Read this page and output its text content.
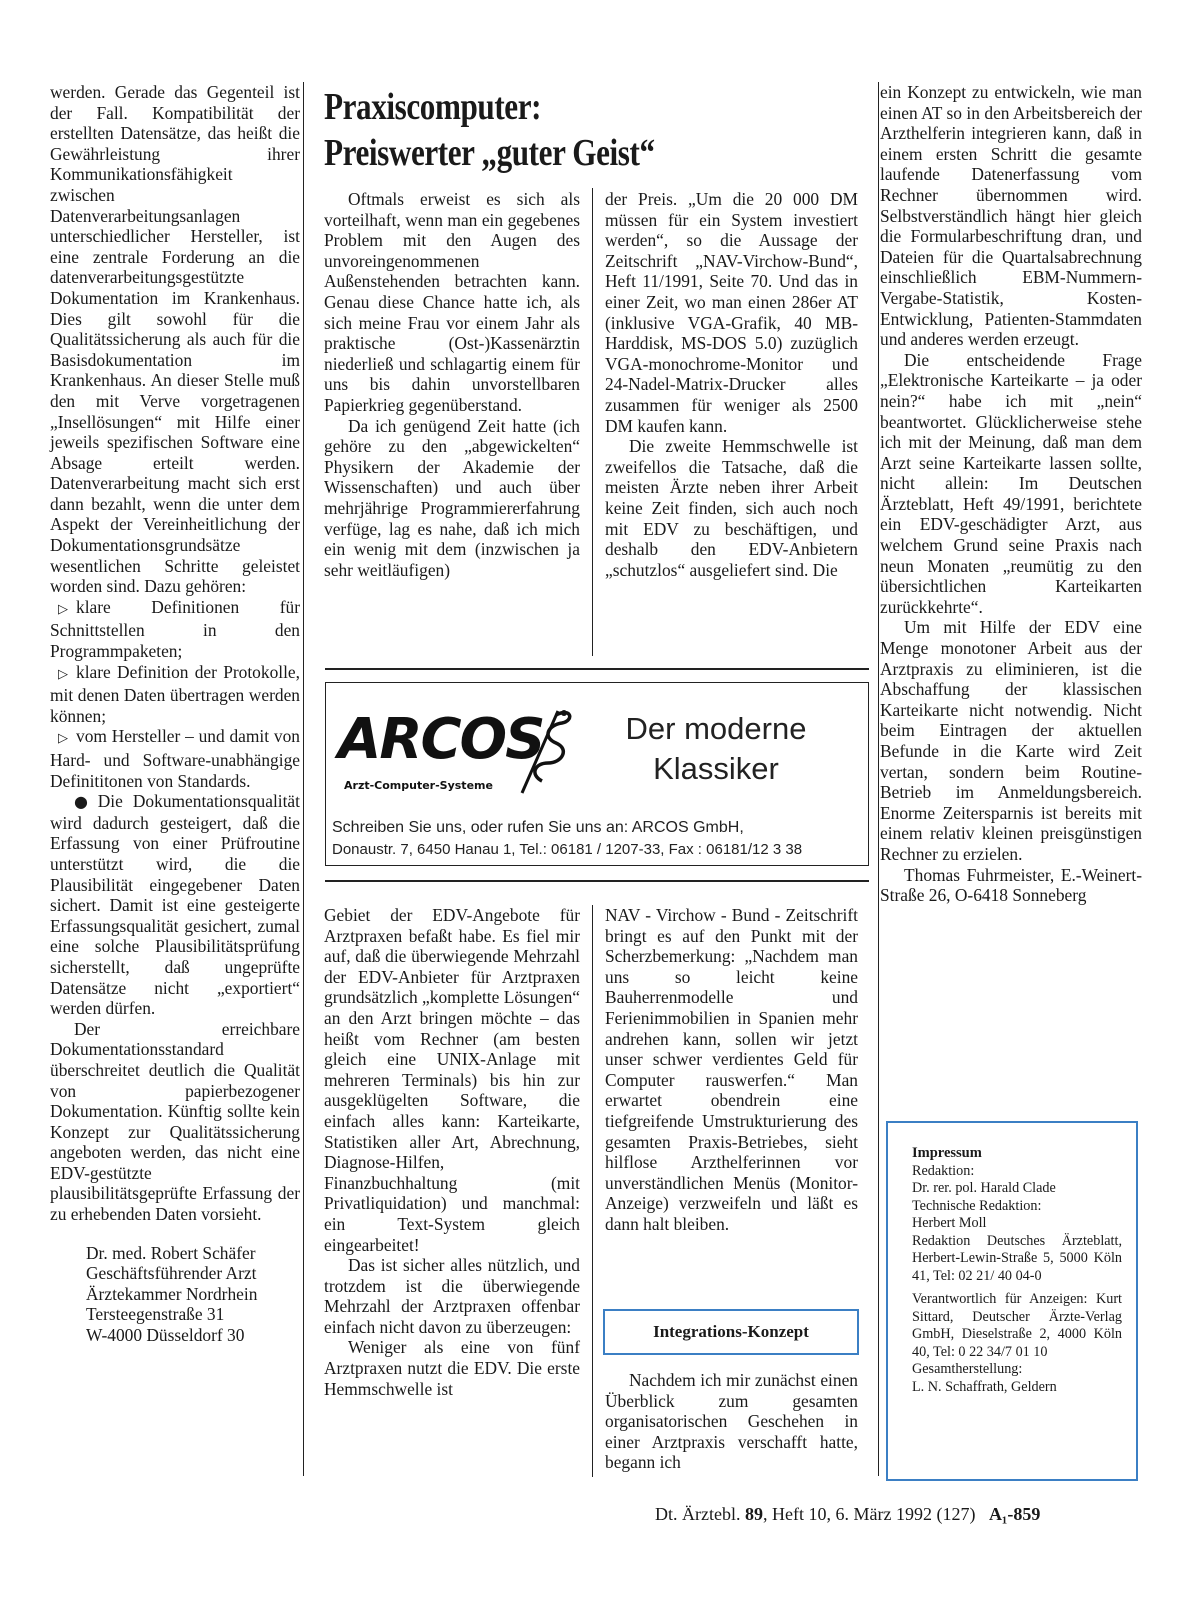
werden. Gerade das Gegenteil ist der Fall. Kompatibilität der erstellten Datensätze, das heißt die Gewährleistung ihrer Kommunikationsfähigkeit zwischen Datenverarbeitungsanlagen unterschiedlicher Hersteller, ist eine zentrale Forderung an die datenverarbeitungsgestützte Dokumentation im Krankenhaus. Dies gilt sowohl für die Qualitätssicherung als auch für die Basisdokumentation im Krankenhaus. An dieser Stelle muß den mit Verve vorgetragenen „Insellösungen“ mit Hilfe einer jeweils spezifischen Software eine Absage erteilt werden. Datenverarbeitung macht sich erst dann bezahlt, wenn die unter dem Aspekt der Vereinheitlichung der Dokumentationsgrundsätze wesentlichen Schritte geleistet worden sind. Dazu gehören:

▷ klare Definitionen für Schnittstellen in den Programmpaketen;

▷ klare Definition der Protokolle, mit denen Daten übertragen werden können;

▷ vom Hersteller – und damit von Hard- und Software-unabhängige Definititonen von Standards.

● Die Dokumentationsqualität wird dadurch gesteigert, daß die Erfassung von einer Prüfroutine unterstützt wird, die die Plausibilität eingegebener Daten sichert. Damit ist eine gesteigerte Erfassungsqualität gesichert, zumal eine solche Plausibilitätsprüfung sicherstellt, daß ungeprüfte Datensätze nicht „exportiert“ werden dürfen.

Der erreichbare Dokumentationsstandard überschreitet deutlich die Qualität von papierbezogener Dokumentation. Künftig sollte kein Konzept zur Qualitätssicherung angeboten werden, das nicht eine EDV-gestützte plausibilitätsgeprüfte Erfassung der zu erhebenden Daten vorsieht.

Dr. med. Robert Schäfer
Geschäftsführender Arzt
Ärztekammer Nordrhein
Tersteegenstraße 31
W-4000 Düsseldorf 30
Praxiscomputer:
Preiswerter „guter Geist“

Oftmals erweist es sich als vorteilhaft, wenn man ein gegebenes Problem mit den Augen des unvoreingenommenen Außenstehenden betrachten kann. Genau diese Chance hatte ich, als sich meine Frau vor einem Jahr als praktische (Ost-)Kassenärztin niederließ und schlagartig einem für uns bis dahin unvorstellbaren Papierkrieg gegenüberstand.

Da ich genügend Zeit hatte (ich gehöre zu den „abgewickelten“ Physikern der Akademie der Wissenschaften) und auch über mehrjährige Programmiererfahrung verfüge, lag es nahe, daß ich mich ein wenig mit dem (inzwischen ja sehr weitläufigen)

der Preis. „Um die 20 000 DM müssen für ein System investiert werden“, so die Aussage der Zeitschrift „NAV-Virchow-Bund“, Heft 11/1991, Seite 70. Und das in einer Zeit, wo man einen 286er AT (inklusive VGA-Grafik, 40 MB-Harddisk, MS-DOS 5.0) zuzüglich VGA-monochrome-Monitor und 24-Nadel-Matrix-Drucker alles zusammen für weniger als 2500 DM kaufen kann.

Die zweite Hemmschwelle ist zweifellos die Tatsache, daß die meisten Ärzte neben ihrer Arbeit keine Zeit finden, sich auch noch mit EDV zu beschäftigen, und deshalb den EDV-Anbietern „schutzlos“ ausgeliefert sind. Die

ARCOS
Arzt-Computer-Systeme
Der moderne
Klassiker
Schreiben Sie uns, oder rufen Sie uns an: ARCOS GmbH,
Donaustr. 7, 6450 Hanau 1, Tel.: 06181 / 1207-33, Fax : 06181/12 3 38

Gebiet der EDV-Angebote für Arztpraxen befaßt habe. Es fiel mir auf, daß die überwiegende Mehrzahl der EDV-Anbieter für Arztpraxen grundsätzlich „komplette Lösungen“ an den Arzt bringen möchte – das heißt vom Rechner (am besten gleich eine UNIX-Anlage mit mehreren Terminals) bis hin zur ausgeklügelten Software, die einfach alles kann: Karteikarte, Statistiken aller Art, Abrechnung, Diagnose-Hilfen, Finanzbuchhaltung (mit Privatliquidation) und manchmal: ein Text-System gleich eingearbeitet!

Das ist sicher alles nützlich, und trotzdem ist die überwiegende Mehrzahl der Arztpraxen offenbar einfach nicht davon zu überzeugen:

Weniger als eine von fünf Arztpraxen nutzt die EDV. Die erste Hemmschwelle ist

NAV - Virchow - Bund - Zeitschrift bringt es auf den Punkt mit der Scherzbemerkung: „Nachdem man uns so leicht keine Bauherrenmodelle und Ferienimmobilien in Spanien mehr andrehen kann, sollen wir jetzt unser schwer verdientes Geld für Computer rauswerfen.“ Man erwartet obendrein eine tiefgreifende Umstrukturierung des gesamten Praxis-Betriebes, sieht hilflose Arzthelferinnen vor unverständlichen Menüs (Monitor-Anzeige) verzweifeln und läßt es dann halt bleiben.

Integrations-Konzept

Nachdem ich mir zunächst einen Überblick zum gesamten organisatorischen Geschehen in einer Arztpraxis verschafft hatte, begann ich

ein Konzept zu entwickeln, wie man einen AT so in den Arbeitsbereich der Arzthelferin integrieren kann, daß in einem ersten Schritt die gesamte laufende Datenerfassung vom Rechner übernommen wird. Selbstverständlich hängt hier gleich die Formularbeschriftung dran, und Dateien für die Quartalsabrechnung einschließlich EBM-Nummern-Vergabe-Statistik, Kosten-Entwicklung, Patienten-Stammdaten und anderes werden erzeugt.

Die entscheidende Frage „Elektronische Karteikarte – ja oder nein?“ habe ich mit „nein“ beantwortet. Glücklicherweise stehe ich mit der Meinung, daß man dem Arzt seine Karteikarte lassen sollte, nicht allein: Im Deutschen Ärzteblatt, Heft 49/1991, berichtete ein EDV-geschädigter Arzt, aus welchem Grund seine Praxis nach neun Monaten „reumütig zu den übersichtlichen Karteikarten zurückkehrte“.

Um mit Hilfe der EDV eine Menge monotoner Arbeit aus der Arztpraxis zu eliminieren, ist die Abschaffung der klassischen Karteikarte nicht notwendig. Nicht beim Eintragen der aktuellen Befunde in die Karte wird Zeit vertan, sondern beim Routine-Betrieb im Anmeldungsbereich. Enorme Zeitersparnis ist bereits mit einem relativ kleinen preisgünstigen Rechner zu erzielen.

Thomas Fuhrmeister, E.-Weinert-Straße 26, O-6418 Sonneberg

Impressum
Redaktion:
Dr. rer. pol. Harald Clade
Technische Redaktion:
Herbert Moll
Redaktion Deutsches Ärzteblatt, Herbert-Lewin-Straße 5, 5000 Köln 41, Tel: 02 21/ 40 04-0
Verantwortlich für Anzeigen: Kurt Sittard, Deutscher Ärzte-Verlag GmbH, Dieselstraße 2, 4000 Köln 40, Tel: 0 22 34/7 01 10
Gesamtherstellung:
L. N. Schaffrath, Geldern
Dt. Ärztebl. 89, Heft 10, 6. März 1992 (127) A₁-859
